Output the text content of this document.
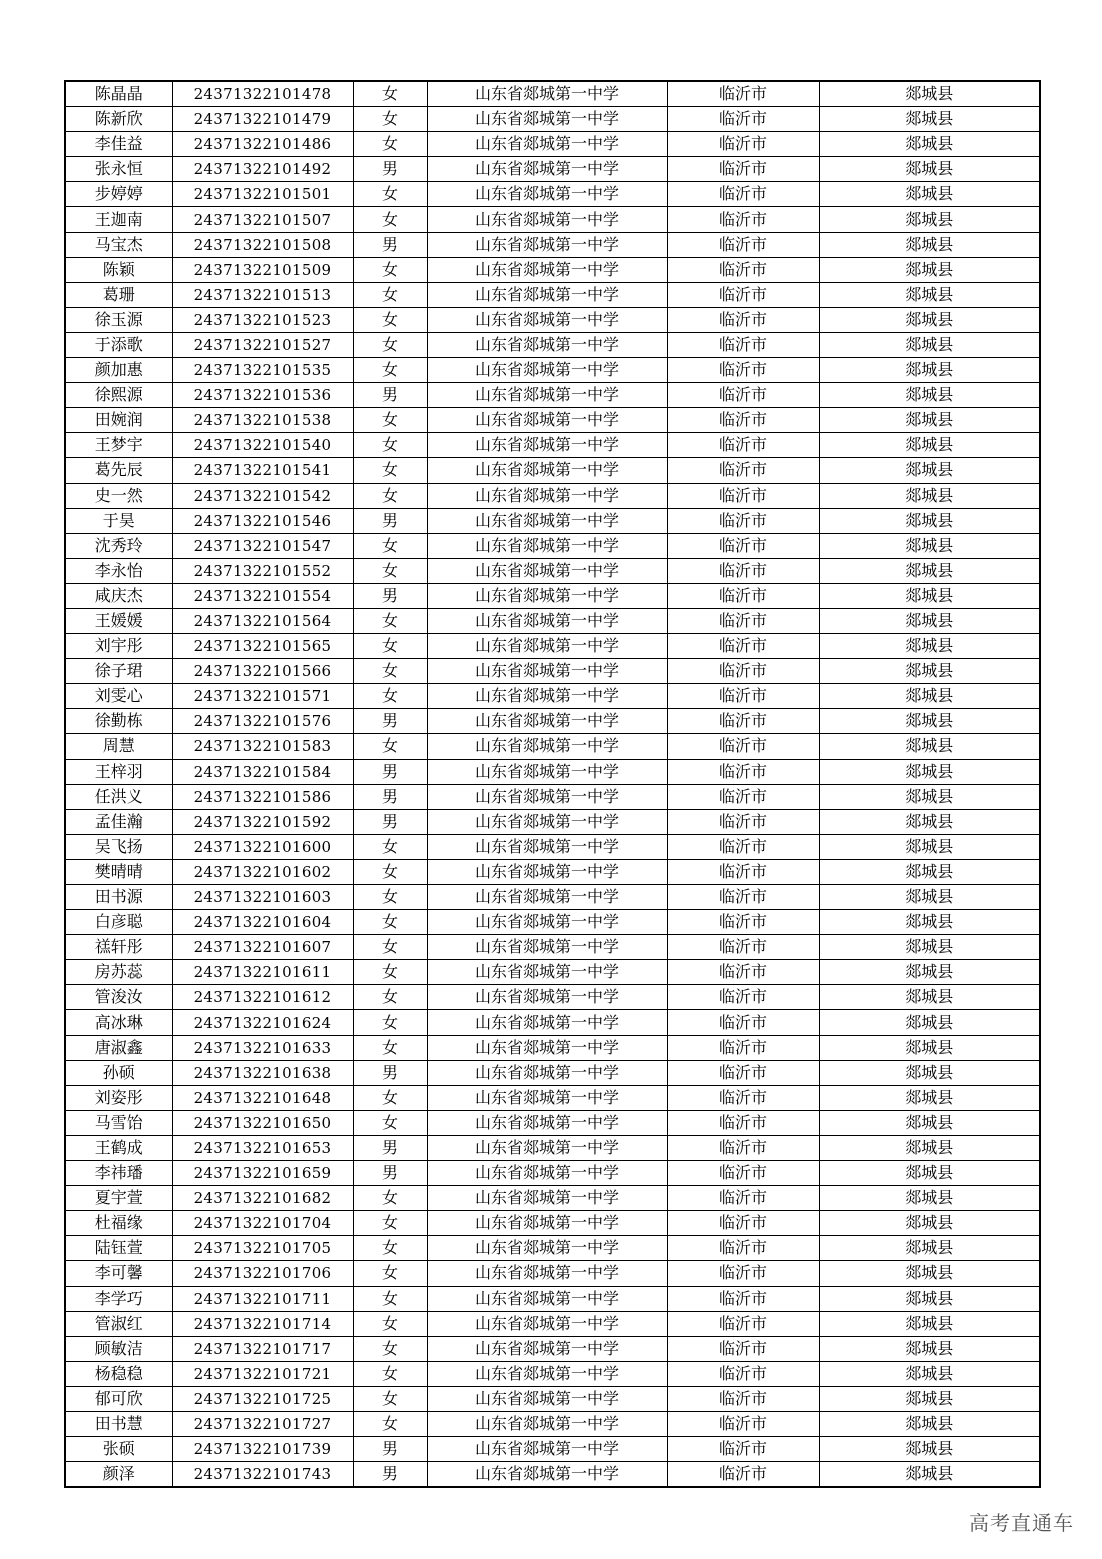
陈晶晶	24371322101478	女	山东省郯城第一中学	临沂市	郯城县
陈新欣	24371322101479	女	山东省郯城第一中学	临沂市	郯城县
李佳益	24371322101486	女	山东省郯城第一中学	临沂市	郯城县
张永恒	24371322101492	男	山东省郯城第一中学	临沂市	郯城县
步婷婷	24371322101501	女	山东省郯城第一中学	临沂市	郯城县
王迦南	24371322101507	女	山东省郯城第一中学	临沂市	郯城县
马宝杰	24371322101508	男	山东省郯城第一中学	临沂市	郯城县
陈颖	24371322101509	女	山东省郯城第一中学	临沂市	郯城县
葛珊	24371322101513	女	山东省郯城第一中学	临沂市	郯城县
徐玉源	24371322101523	女	山东省郯城第一中学	临沂市	郯城县
于添歌	24371322101527	女	山东省郯城第一中学	临沂市	郯城县
颜加惠	24371322101535	女	山东省郯城第一中学	临沂市	郯城县
徐熙源	24371322101536	男	山东省郯城第一中学	临沂市	郯城县
田婉润	24371322101538	女	山东省郯城第一中学	临沂市	郯城县
王梦宇	24371322101540	女	山东省郯城第一中学	临沂市	郯城县
葛先辰	24371322101541	女	山东省郯城第一中学	临沂市	郯城县
史一然	24371322101542	女	山东省郯城第一中学	临沂市	郯城县
于昊	24371322101546	男	山东省郯城第一中学	临沂市	郯城县
沈秀玲	24371322101547	女	山东省郯城第一中学	临沂市	郯城县
李永怡	24371322101552	女	山东省郯城第一中学	临沂市	郯城县
咸庆杰	24371322101554	男	山东省郯城第一中学	临沂市	郯城县
王媛媛	24371322101564	女	山东省郯城第一中学	临沂市	郯城县
刘宇彤	24371322101565	女	山东省郯城第一中学	临沂市	郯城县
徐子珺	24371322101566	女	山东省郯城第一中学	临沂市	郯城县
刘雯心	24371322101571	女	山东省郯城第一中学	临沂市	郯城县
徐勤栋	24371322101576	男	山东省郯城第一中学	临沂市	郯城县
周慧	24371322101583	女	山东省郯城第一中学	临沂市	郯城县
王梓羽	24371322101584	男	山东省郯城第一中学	临沂市	郯城县
任洪义	24371322101586	男	山东省郯城第一中学	临沂市	郯城县
孟佳瀚	24371322101592	男	山东省郯城第一中学	临沂市	郯城县
吴飞扬	24371322101600	女	山东省郯城第一中学	临沂市	郯城县
樊晴晴	24371322101602	女	山东省郯城第一中学	临沂市	郯城县
田书源	24371322101603	女	山东省郯城第一中学	临沂市	郯城县
白彦聪	24371322101604	女	山东省郯城第一中学	临沂市	郯城县
禚轩彤	24371322101607	女	山东省郯城第一中学	临沂市	郯城县
房苏蕊	24371322101611	女	山东省郯城第一中学	临沂市	郯城县
管浚汝	24371322101612	女	山东省郯城第一中学	临沂市	郯城县
高冰琳	24371322101624	女	山东省郯城第一中学	临沂市	郯城县
唐淑鑫	24371322101633	女	山东省郯城第一中学	临沂市	郯城县
孙硕	24371322101638	男	山东省郯城第一中学	临沂市	郯城县
刘姿彤	24371322101648	女	山东省郯城第一中学	临沂市	郯城县
马雪饴	24371322101650	女	山东省郯城第一中学	临沂市	郯城县
王鹤成	24371322101653	男	山东省郯城第一中学	临沂市	郯城县
李祎璠	24371322101659	男	山东省郯城第一中学	临沂市	郯城县
夏宇萱	24371322101682	女	山东省郯城第一中学	临沂市	郯城县
杜福缘	24371322101704	女	山东省郯城第一中学	临沂市	郯城县
陆钰萱	24371322101705	女	山东省郯城第一中学	临沂市	郯城县
李可馨	24371322101706	女	山东省郯城第一中学	临沂市	郯城县
李学巧	24371322101711	女	山东省郯城第一中学	临沂市	郯城县
管淑红	24371322101714	女	山东省郯城第一中学	临沂市	郯城县
顾敏洁	24371322101717	女	山东省郯城第一中学	临沂市	郯城县
杨稳稳	24371322101721	女	山东省郯城第一中学	临沂市	郯城县
郁可欣	24371322101725	女	山东省郯城第一中学	临沂市	郯城县
田书慧	24371322101727	女	山东省郯城第一中学	临沂市	郯城县
张硕	24371322101739	男	山东省郯城第一中学	临沂市	郯城县
颜泽	24371322101743	男	山东省郯城第一中学	临沂市	郯城县
高考直通车
